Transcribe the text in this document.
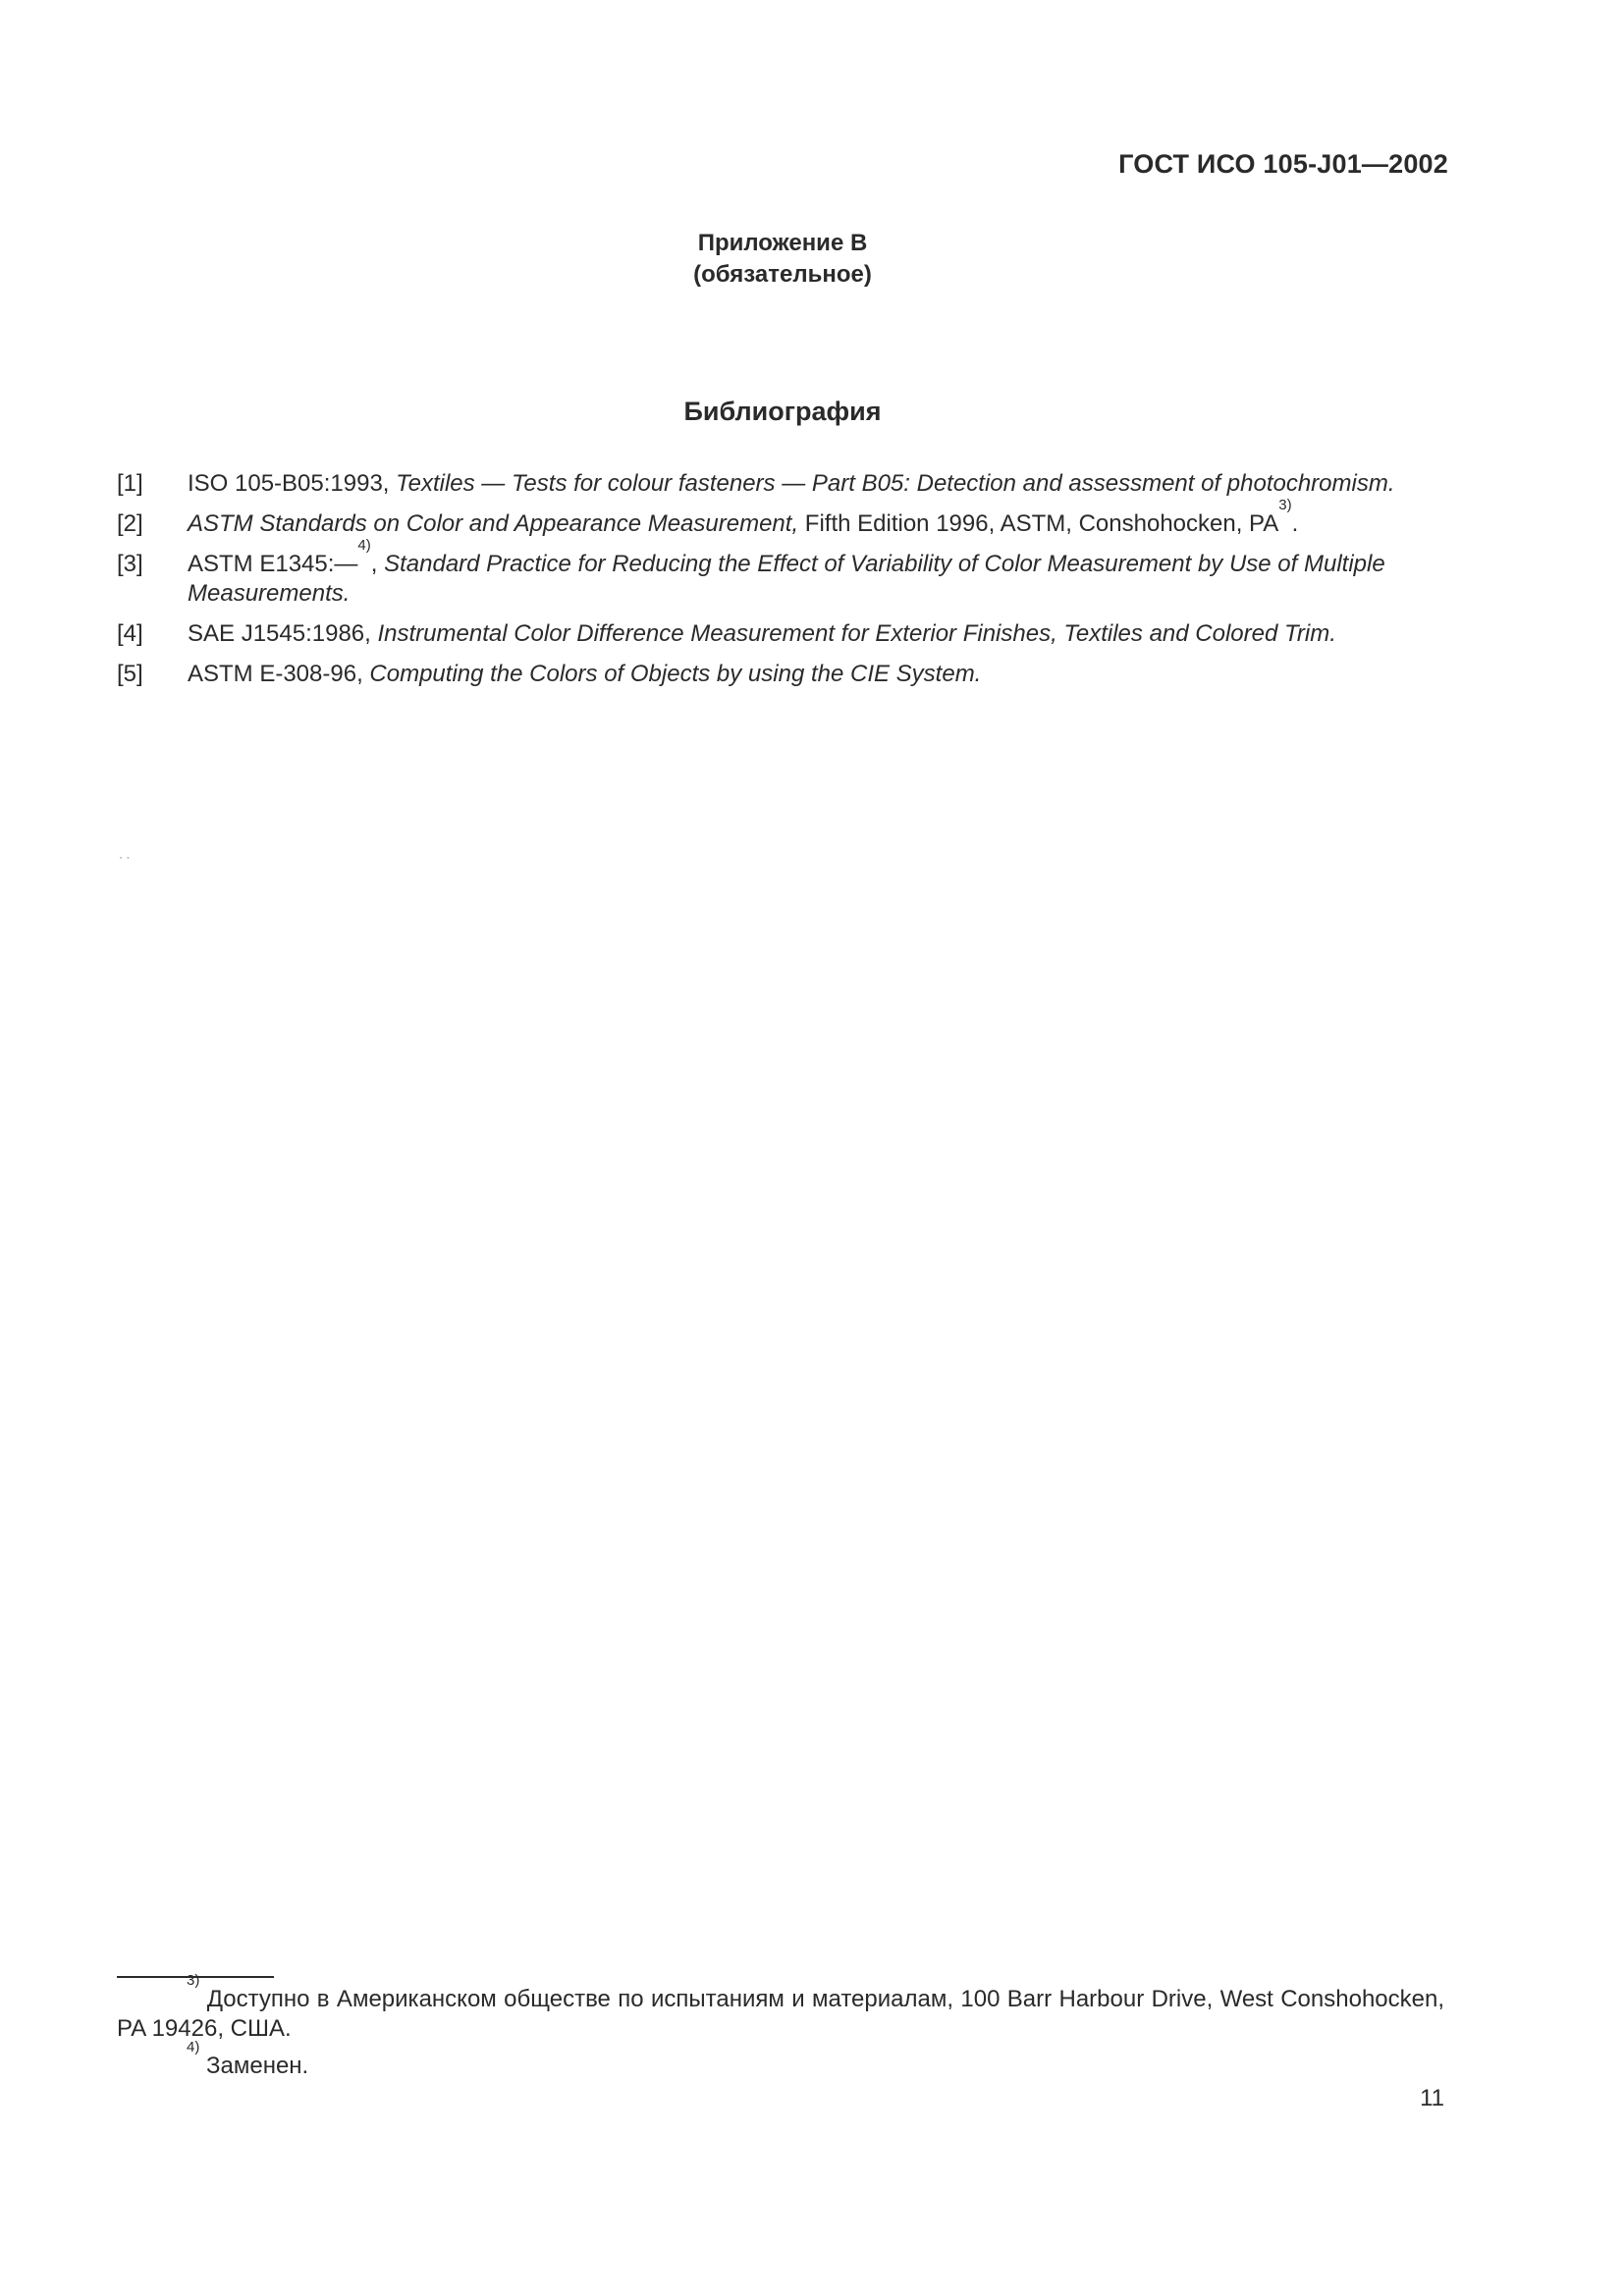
ГОСТ ИСО 105-J01—2002
Приложение В
(обязательное)
Библиография
[1]	ISO 105-B05:1993, Textiles — Tests for colour fasteners — Part B05: Detection and assessment of photochromism.
[2]	ASTM Standards on Color and Appearance Measurement, Fifth Edition 1996, ASTM, Conshohocken, PA$^{3)}$.
[3]	ASTM E1345:—$^{4)}$, Standard Practice for Reducing the Effect of Variability of Color Measurement by Use of Multiple Measurements.
[4]	SAE J1545:1986, Instrumental Color Difference Measurement for Exterior Finishes, Textiles and Colored Trim.
[5]	ASTM E-308-96, Computing the Colors of Objects by using the CIE System.
· ·

$^{3)}$ Доступно в Американском обществе по испытаниям и материалам, 100 Barr Harbour Drive, West Conshohocken, PA 19426, США.

$^{4)}$ Заменен.

11
